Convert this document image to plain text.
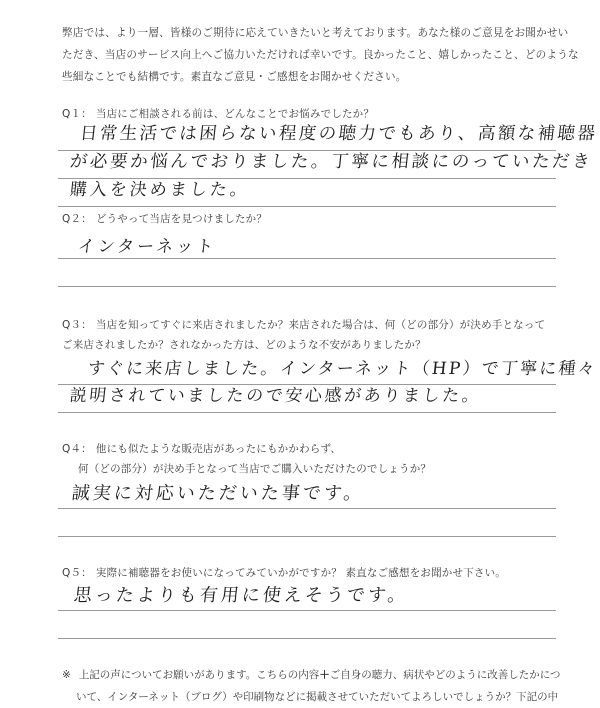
弊店では、より一層、皆様のご期待に応えていきたいと考えております。あなた様のご意見をお聞かせい

ただき、当店のサービス向上へご協力いただければ幸いです。良かったこと、嬉しかったこと、どのような

些細なことでも結構です。素直なご意見・ご感想をお聞かせください。

Q１： 当店にご相談される前は、どんなことでお悩みでしたか？
日常生活では困らない程度の聴力でもあり、高額な補聴器
が必要か悩んでおりました。丁寧に相談にのっていただき
購入を決めました。
Q２： どうやって当店を見つけましたか？
インターネット
Q３： 当店を知ってすぐに来店されましたか？来店された場合は、何（どの部分）が決め手となって
ご来店されましたか？されなかった方は、どのような不安がありましたか？
すぐに来店しました。インターネット（HP）で丁寧に種々
説明されていましたので安心感がありました。
Q４： 他にも似たような販売店があったにもかかわらず、
何（どの部分）が決め手となって当店でご購入いただけたのでしょうか？
誠実に対応いただいた事です。
Q５： 実際に補聴器をお使いになってみていかがですか？ 素直なご感想をお聞かせ下さい。
思ったよりも有用に使えそうです。

※ 上記の声についてお願いがあります。こちらの内容＋ご自身の聴力、病状やどのように改善したかにつ

いて、インターネット（ブログ）や印刷物などに掲載させていただいてよろしいでしょうか？下記の中
